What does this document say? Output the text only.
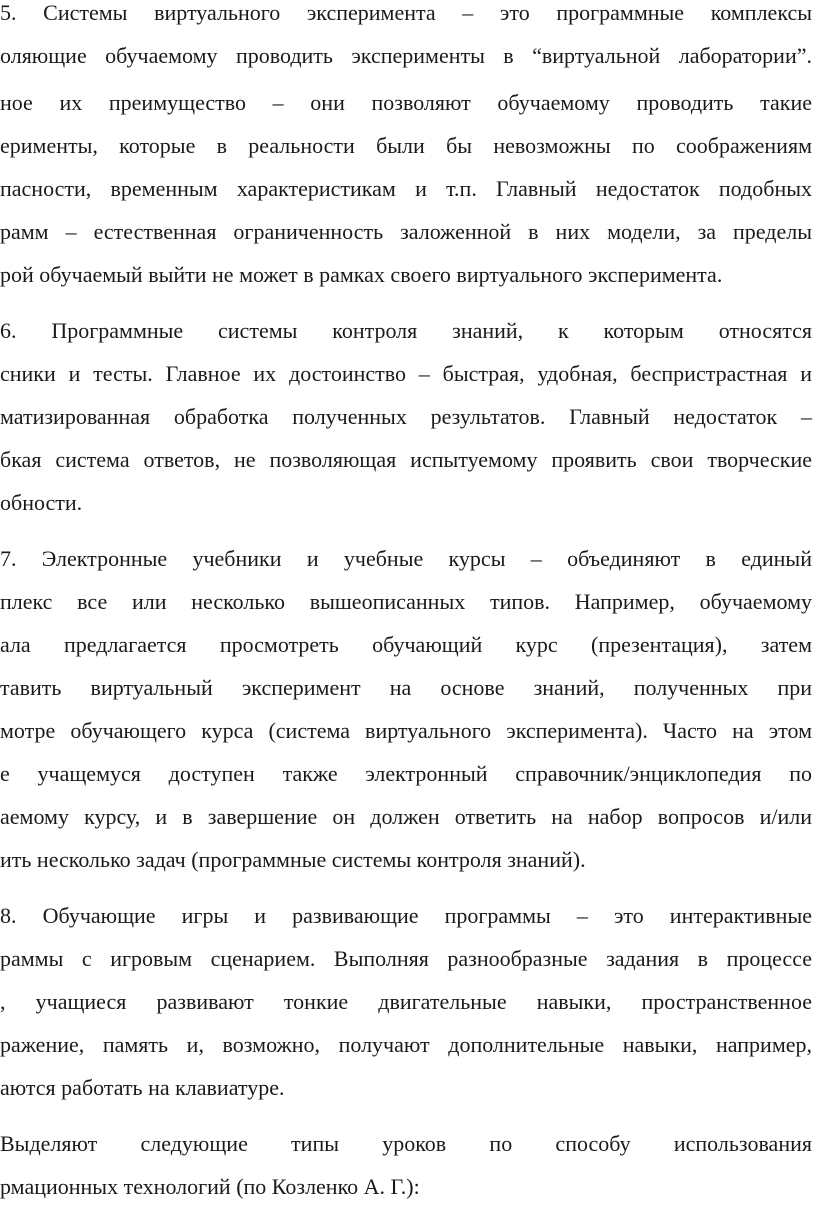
5. Системы виртуального эксперимента – это программные комплексы
оляющие обучаемому проводить эксперименты в “виртуальной лаборатории”.
ное их преимущество – они позволяют обучаемому проводить такие
ерименты, которые в реальности были бы невозможны по соображениям
пасности, временным характеристикам и т.п. Главный недостаток подобных
рамм – естественная ограниченность заложенной в них модели, за пределы
рой обучаемый выйти не может в рамках своего виртуального эксперимента.
6. Программные системы контроля знаний, к которым относятся
сники и тесты. Главное их достоинство – быстрая, удобная, беспристрастная и
матизированная обработка полученных результатов. Главный недостаток –
бкая система ответов, не позволяющая испытуемому проявить свои творческие
обности.
7. Электронные учебники и учебные курсы – объединяют в единый
плекс все или несколько вышеописанных типов. Например, обучаемому
ала предлагается просмотреть обучающий курс (презентация), затем
тавить виртуальный эксперимент на основе знаний, полученных при
мотре обучающего курса (система виртуального эксперимента). Часто на этом
е учащемуся доступен также электронный справочник/энциклопедия по
аемому курсу, и в завершение он должен ответить на набор вопросов и/или
ить несколько задач (программные системы контроля знаний).
8. Обучающие игры и развивающие программы – это интерактивные
раммы с игровым сценарием. Выполняя разнообразные задания в процессе
, учащиеся развивают тонкие двигательные навыки, пространственное
ражение, память и, возможно, получают дополнительные навыки, например,
аются работать на клавиатуре.
Выделяют следующие типы уроков по способу использования
рмационных технологий (по Козленко А. Г.):
